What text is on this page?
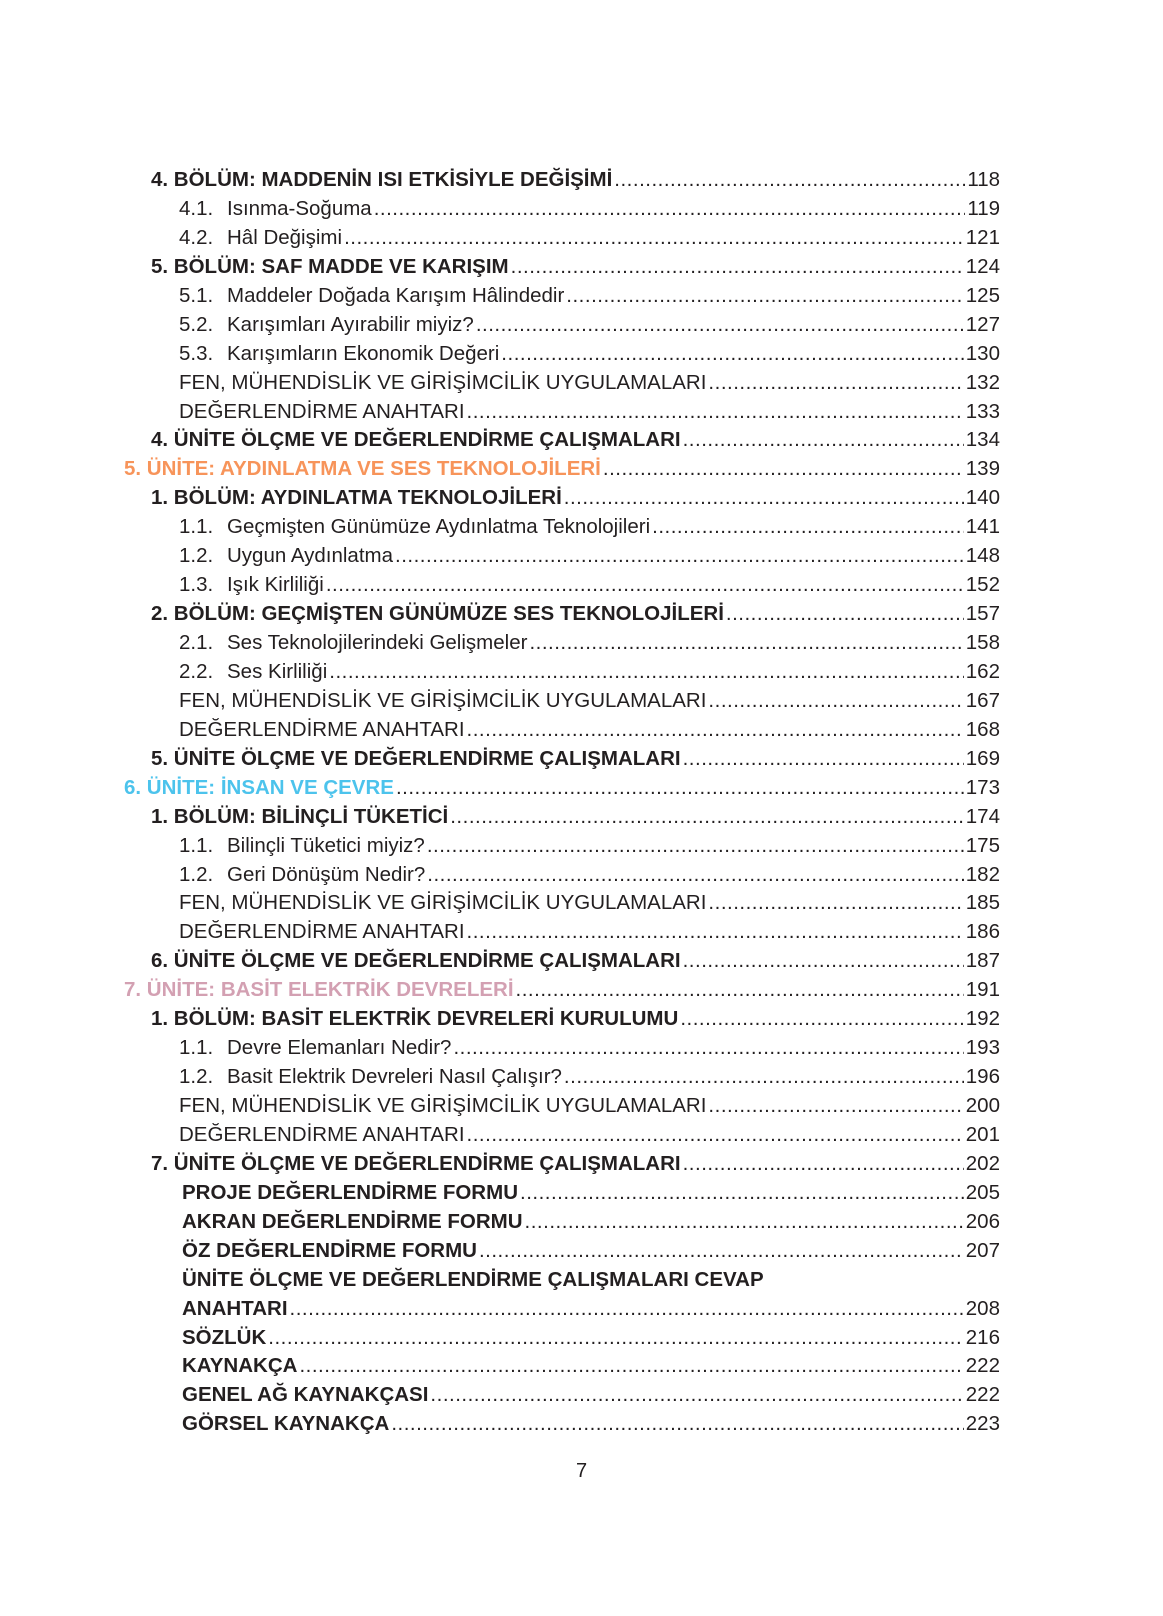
4. BÖLÜM: MADDENİN ISI ETKİSİYLE DEĞİŞİMİ .....	118
4.1. Isınma-Soğuma .....	119
4.2. Hâl Değişimi .....	121
5. BÖLÜM: SAF MADDE VE KARIŞIM .....	124
5.1. Maddeler Doğada Karışım Hâlindedir .....	125
5.2. Karışımları Ayırabilir miyiz? .....	127
5.3. Karışımların Ekonomik Değeri .....	130
FEN, MÜHENDİSLİK VE GİRİŞİMCİLİK UYGULAMALARI .....	132
DEĞERLENDİRME ANAHTARI .....	133
4. ÜNİTE ÖLÇME VE DEĞERLENDİRME ÇALIŞMALARI .....	134
5. ÜNİTE: AYDINLATMA VE SES TEKNOLOJİLERİ .....	139
1. BÖLÜM: AYDINLATMA TEKNOLOJİLERİ .....	140
1.1. Geçmişten Günümüze Aydınlatma Teknolojileri .....	141
1.2. Uygun Aydınlatma .....	148
1.3. Işık Kirliliği .....	152
2. BÖLÜM: GEÇMİŞTEN GÜNÜMÜZE SES TEKNOLOJİLERİ .....	157
2.1. Ses Teknolojilerindeki Gelişmeler .....	158
2.2. Ses Kirliliği .....	162
FEN, MÜHENDİSLİK VE GİRİŞİMCİLİK UYGULAMALARI .....	167
DEĞERLENDİRME ANAHTARI .....	168
5. ÜNİTE ÖLÇME VE DEĞERLENDİRME ÇALIŞMALARI .....	169
6. ÜNİTE: İNSAN VE ÇEVRE .....	173
1. BÖLÜM: BİLİNÇLİ TÜKETİCİ .....	174
1.1. Bilinçli Tüketici miyiz? .....	175
1.2. Geri Dönüşüm Nedir? .....	182
FEN, MÜHENDİSLİK VE GİRİŞİMCİLİK UYGULAMALARI .....	185
DEĞERLENDİRME ANAHTARI .....	186
6. ÜNİTE ÖLÇME VE DEĞERLENDİRME ÇALIŞMALARI .....	187
7. ÜNİTE: BASİT ELEKTRİK DEVRELERİ .....	191
1. BÖLÜM: BASİT ELEKTRİK DEVRELERİ KURULUMU .....	192
1.1. Devre Elemanları Nedir? .....	193
1.2. Basit Elektrik Devreleri Nasıl Çalışır? .....	196
FEN, MÜHENDİSLİK VE GİRİŞİMCİLİK UYGULAMALARI .....	200
DEĞERLENDİRME ANAHTARI .....	201
7. ÜNİTE ÖLÇME VE DEĞERLENDİRME ÇALIŞMALARI .....	202
PROJE DEĞERLENDİRME FORMU .....	205
AKRAN DEĞERLENDİRME FORMU .....	206
ÖZ DEĞERLENDİRME FORMU .....	207
ÜNİTE ÖLÇME VE DEĞERLENDİRME ÇALIŞMALARI CEVAP
ANAHTARI .....	208
SÖZLÜK .....	216
KAYNAKÇA .....	222
GENEL AĞ KAYNAKÇASI .....	222
GÖRSEL KAYNAKÇA .....	223
7
